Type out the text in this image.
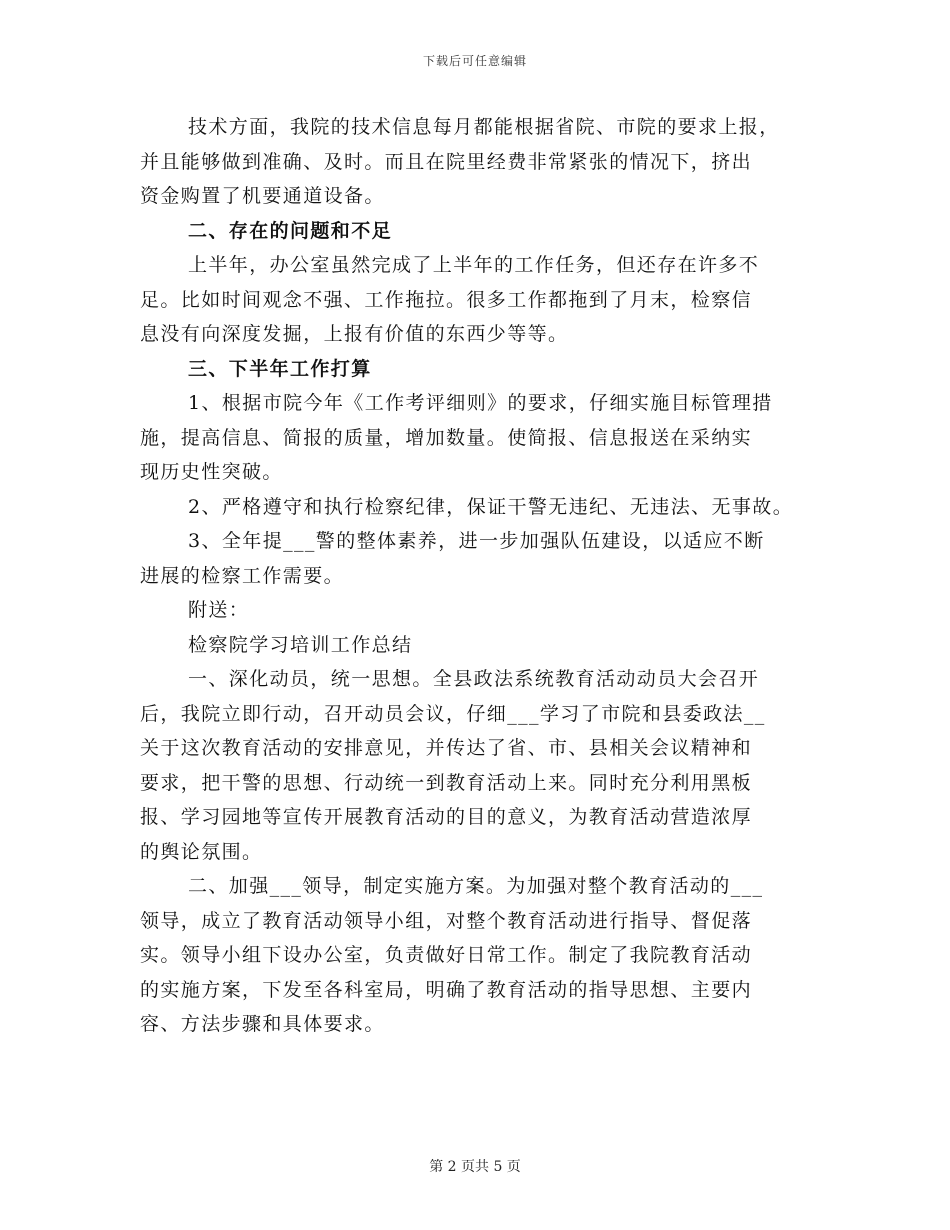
下载后可任意编辑
技术方面，我院的技术信息每月都能根据省院、市院的要求上报，
并且能够做到准确、及时。而且在院里经费非常紧张的情况下，挤出
资金购置了机要通道设备。
二、存在的问题和不足
上半年，办公室虽然完成了上半年的工作任务，但还存在许多不
足。比如时间观念不强、工作拖拉。很多工作都拖到了月末，检察信
息没有向深度发掘，上报有价值的东西少等等。
三、下半年工作打算
1、根据市院今年《工作考评细则》的要求，仔细实施目标管理措
施，提高信息、简报的质量，增加数量。使简报、信息报送在采纳实
现历史性突破。
2、严格遵守和执行检察纪律，保证干警无违纪、无违法、无事故。
3、全年提___警的整体素养，进一步加强队伍建设，以适应不断
进展的检察工作需要。
附送：
检察院学习培训工作总结
一、深化动员，统一思想。全县政法系统教育活动动员大会召开
后，我院立即行动，召开动员会议，仔细___学习了市院和县委政法__
关于这次教育活动的安排意见，并传达了省、市、县相关会议精神和
要求，把干警的思想、行动统一到教育活动上来。同时充分利用黑板
报、学习园地等宣传开展教育活动的目的意义，为教育活动营造浓厚
的舆论氛围。
二、加强___领导，制定实施方案。为加强对整个教育活动的___
领导，成立了教育活动领导小组，对整个教育活动进行指导、督促落
实。领导小组下设办公室，负责做好日常工作。制定了我院教育活动
的实施方案，下发至各科室局，明确了教育活动的指导思想、主要内
容、方法步骤和具体要求。
第 2 页共 5 页
